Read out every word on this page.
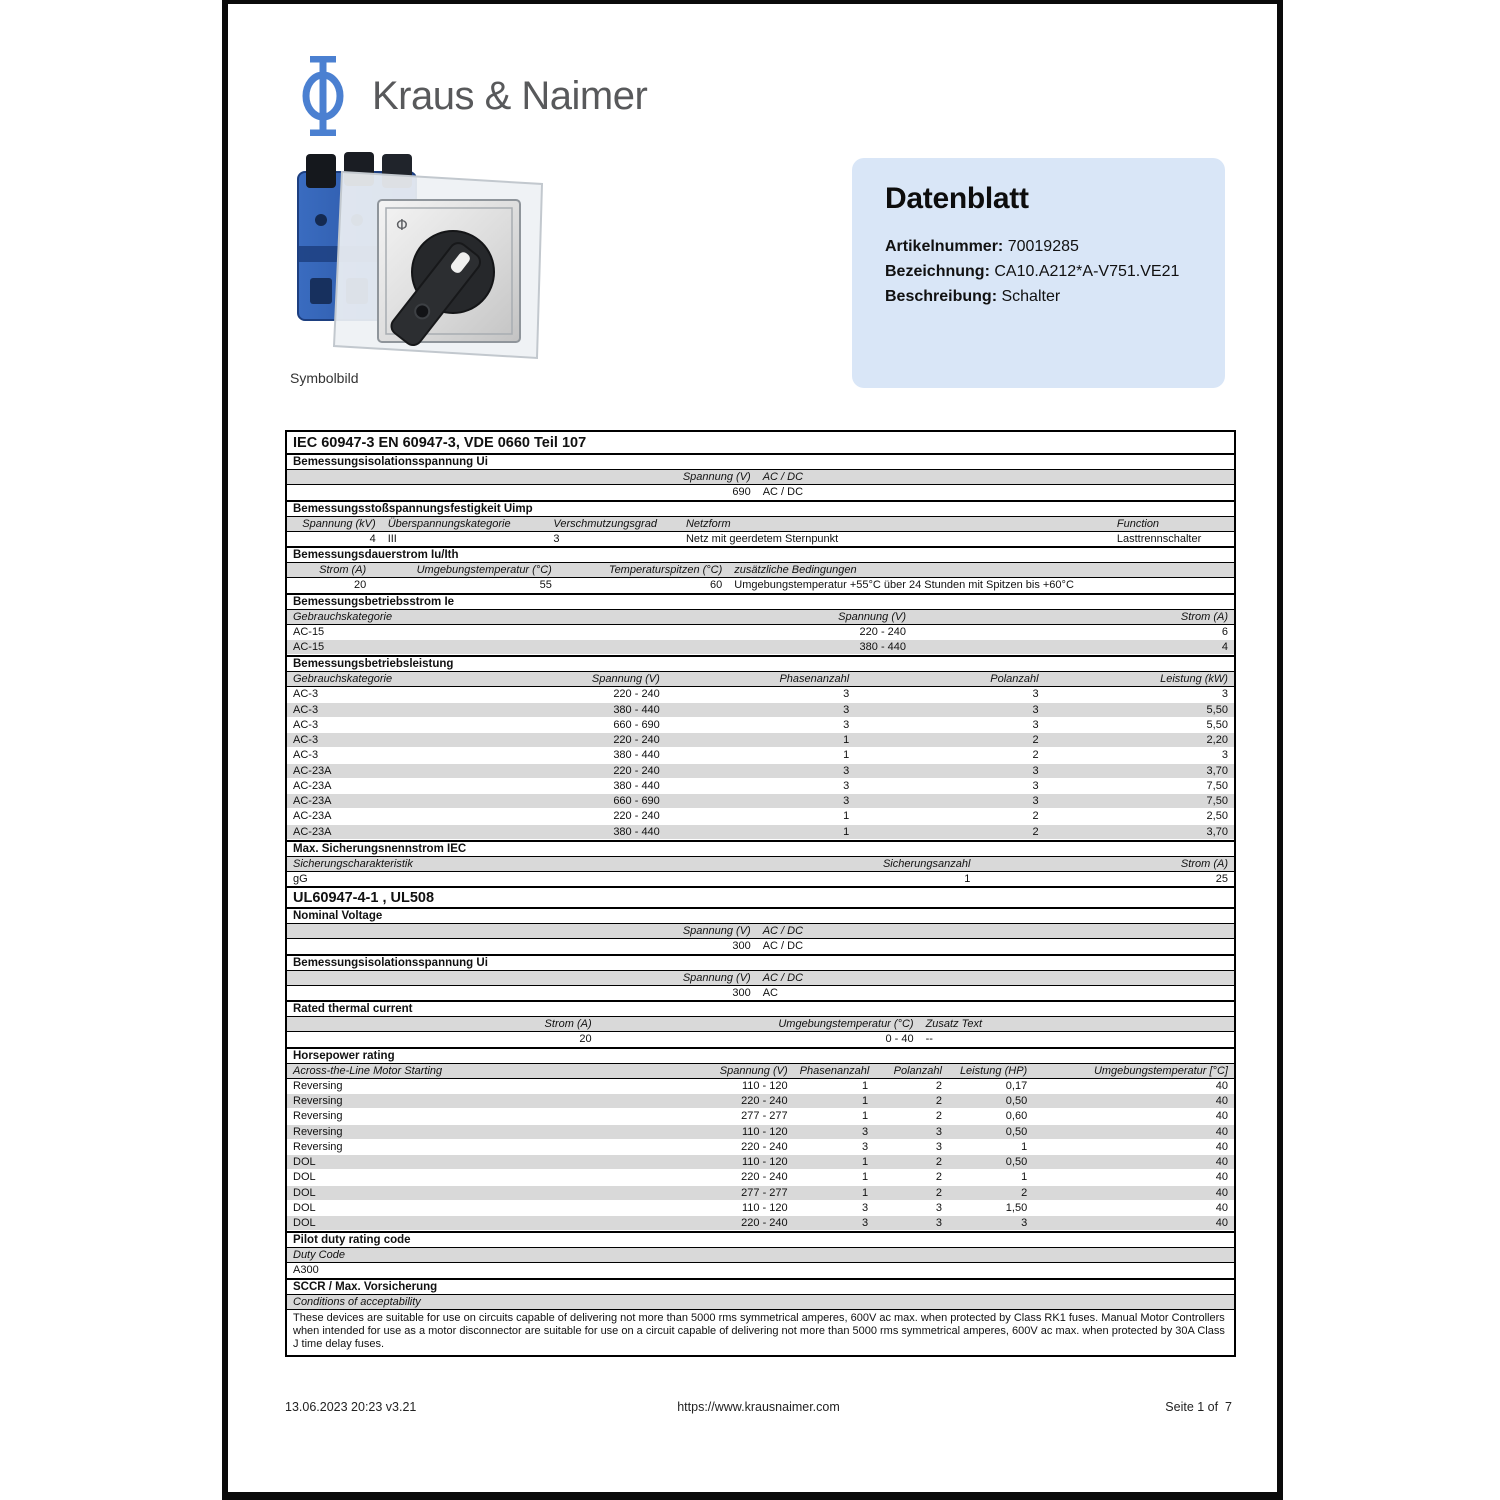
Kraus & Naimer
Φ
Symbolbild
Datenblatt
Artikelnummer: 70019285
Bezeichnung: CA10.A212*A-V751.VE21
Beschreibung: Schalter
IEC 60947-3 EN 60947-3, VDE 0660 Teil 107
Bemessungsisolationsspannung Ui
Spannung (V)	AC / DC
690	AC / DC
Bemessungsstoßspannungsfestigkeit Uimp
Spannung (kV)	Überspannungskategorie	Verschmutzungsgrad	Netzform	Function
4	III	3	Netz mit geerdetem Sternpunkt	Lasttrennschalter
Bemessungsdauerstrom Iu/Ith
Strom (A)	Umgebungstemperatur (°C)	Temperaturspitzen (°C)	zusätzliche Bedingungen
20	55	60	Umgebungstemperatur +55°C über 24 Stunden mit Spitzen bis +60°C
Bemessungsbetriebsstrom Ie
Gebrauchskategorie	Spannung (V)	Strom (A)
AC-15	220 - 240	6
AC-15	380 - 440	4
Bemessungsbetriebsleistung
Gebrauchskategorie	Spannung (V)	Phasenanzahl	Polanzahl	Leistung (kW)
AC-3	220 - 240	3	3	3
AC-3	380 - 440	3	3	5,50
AC-3	660 - 690	3	3	5,50
AC-3	220 - 240	1	2	2,20
AC-3	380 - 440	1	2	3
AC-23A	220 - 240	3	3	3,70
AC-23A	380 - 440	3	3	7,50
AC-23A	660 - 690	3	3	7,50
AC-23A	220 - 240	1	2	2,50
AC-23A	380 - 440	1	2	3,70
Max. Sicherungsnennstrom IEC
Sicherungscharakteristik	Sicherungsanzahl	Strom (A)
gG	1	25
UL60947-4-1 , UL508
Nominal Voltage
Spannung (V)	AC / DC
300	AC / DC
Bemessungsisolationsspannung Ui
Spannung (V)	AC / DC
300	AC
Rated thermal current
Strom (A)	Umgebungstemperatur (°C)	Zusatz Text
20	0 - 40	--
Horsepower rating
Across-the-Line Motor Starting	Spannung (V)	Phasenanzahl	Polanzahl	Leistung (HP)	Umgebungstemperatur [°C]
Reversing	110 - 120	1	2	0,17	40
Reversing	220 - 240	1	2	0,50	40
Reversing	277 - 277	1	2	0,60	40
Reversing	110 - 120	3	3	0,50	40
Reversing	220 - 240	3	3	1	40
DOL	110 - 120	1	2	0,50	40
DOL	220 - 240	1	2	1	40
DOL	277 - 277	1	2	2	40
DOL	110 - 120	3	3	1,50	40
DOL	220 - 240	3	3	3	40
Pilot duty rating code
Duty Code
A300
SCCR / Max. Vorsicherung
Conditions of acceptability
These devices are suitable for use on circuits capable of delivering not more than 5000 rms symmetrical amperes, 600V ac max. when protected by Class RK1 fuses. Manual Motor Controllers when intended for use as a motor disconnector are suitable for use on a circuit capable of delivering not more than 5000 rms symmetrical amperes, 600V ac max. when protected by 30A Class J time delay fuses.
13.06.2023 20:23 v3.21	https://www.krausnaimer.com	Seite 1 of  7
